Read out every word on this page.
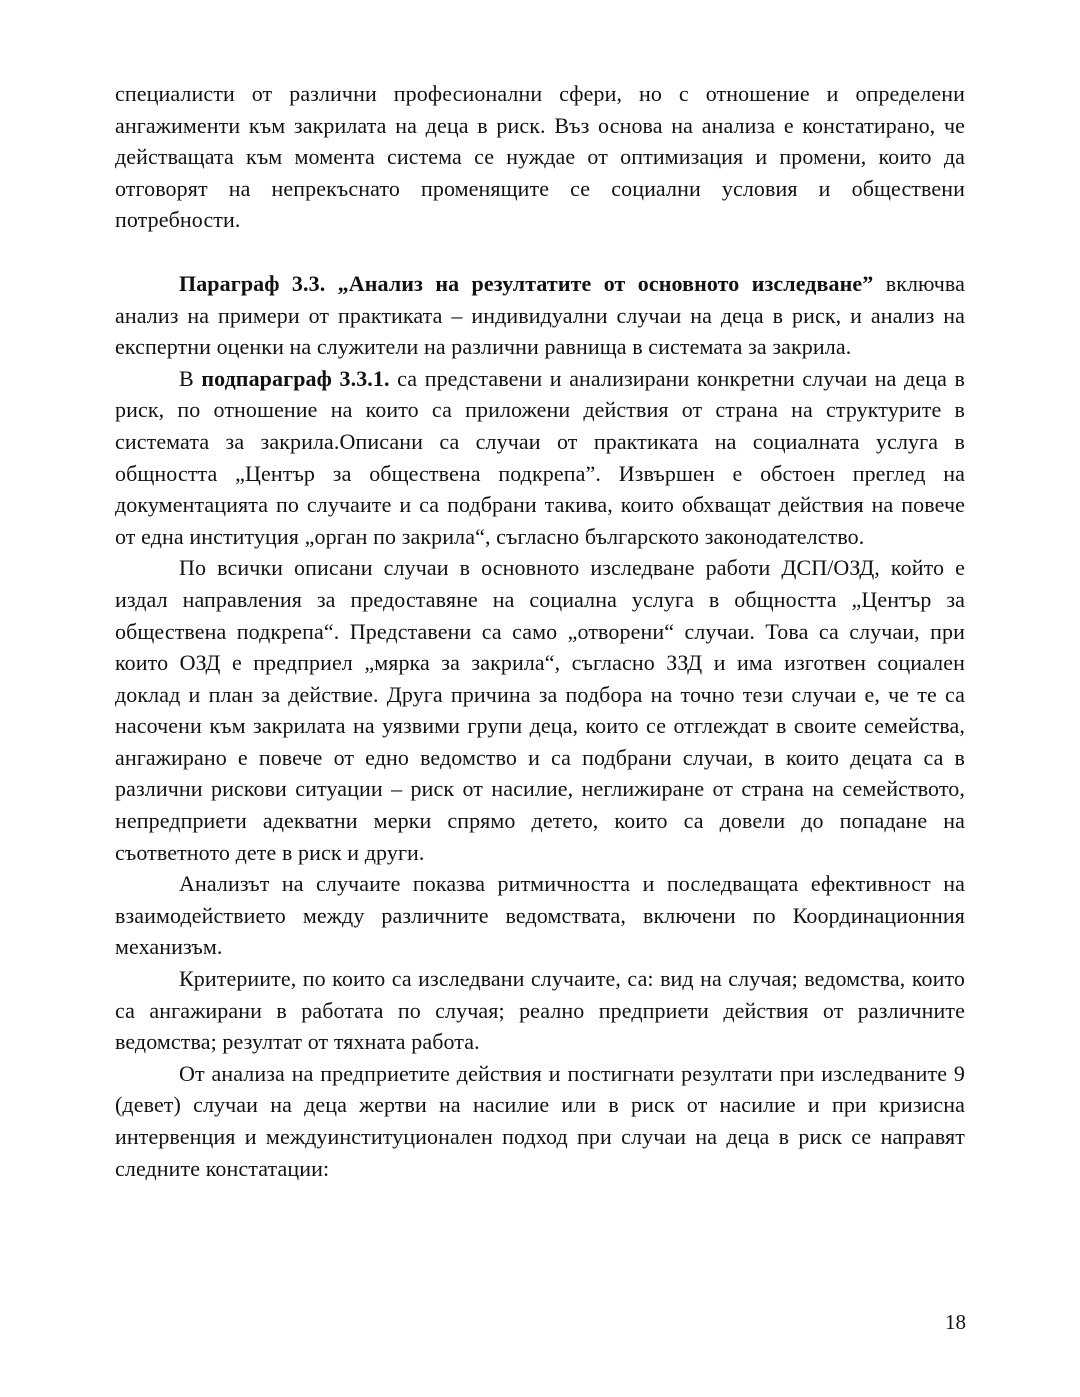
специалисти от различни професионални сфери, но с отношение и определени ангажименти към закрилата на деца в риск. Въз основа на анализа е констатирано, че действащата към момента система се нуждае от оптимизация и промени, които да отговорят на непрекъснато променящите се социални условия и обществени потребности.

Параграф 3.3. „Анализ на резултатите от основното изследване” включва анализ на примери от практиката – индивидуални случаи на деца в риск, и анализ на експертни оценки на служители на различни равнища в системата за закрила.

В подпараграф 3.3.1. са представени и анализирани конкретни случаи на деца в риск, по отношение на които са приложени действия от страна на структурите в системата за закрила.Описани са случаи от практиката на социалната услуга в общността „Център за обществена подкрепа”. Извършен е обстоен преглед на документацията по случаите и са подбрани такива, които обхващат действия на повече от една институция „орган по закрила“, съгласно българското законодателство.

По всички описани случаи в основното изследване работи ДСП/ОЗД, който е издал направления за предоставяне на социална услуга в общността „Център за обществена подкрепа“. Представени са само „отворени“ случаи. Това са случаи, при които ОЗД е предприел „мярка за закрила“, съгласно ЗЗД и има изготвен социален доклад и план за действие. Друга причина за подбора на точно тези случаи е, че те са насочени към закрилата на уязвими групи деца, които се отглеждат в своите семейства, ангажирано е повече от едно ведомство и са подбрани случаи, в които децата са в различни рискови ситуации – риск от насилие, неглижиране от страна на семейството, непредприети адекватни мерки спрямо детето, които са довели до попадане на съответното дете в риск и други.

Анализът на случаите показва ритмичността и последващата ефективност на взаимодействието между различните ведомствата, включени по Координационния механизъм.

Критериите, по които са изследвани случаите, са: вид на случая; ведомства, които са ангажирани в работата по случая; реално предприети действия от различните ведомства; резултат от тяхната работа.

От анализа на предприетите действия и постигнати резултати при изследваните 9 (девет) случаи на деца жертви на насилие или в риск от насилие и при кризисна интервенция и междуинституционален подход при случаи на деца в риск се направят следните констатации:

18
